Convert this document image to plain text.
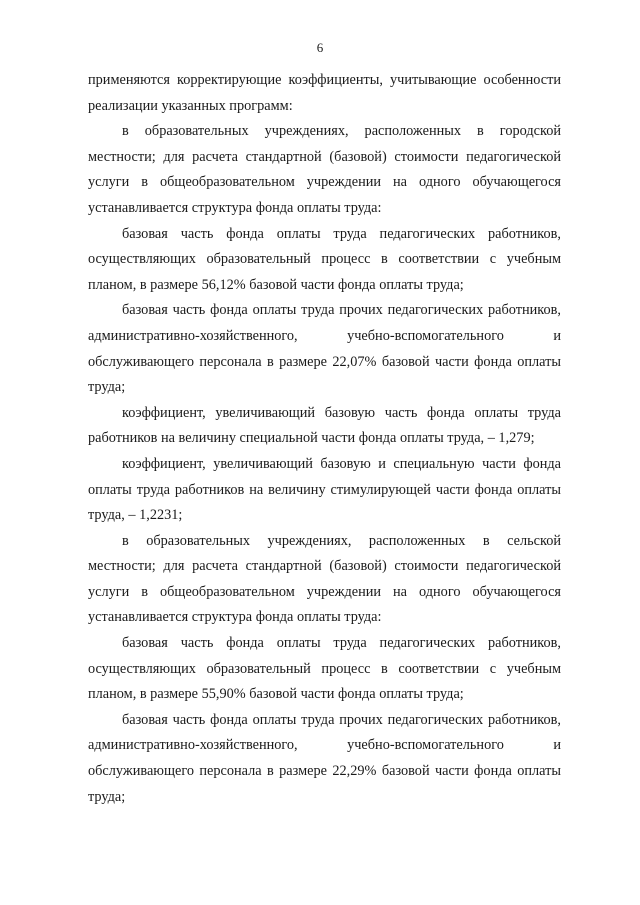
6

применяются корректирующие коэффициенты, учитывающие особенности реализации указанных программ:

в образовательных учреждениях, расположенных в городской местности; для расчета стандартной (базовой) стоимости педагогической услуги в общеобразовательном учреждении на одного обучающегося устанавливается структура фонда оплаты труда:

базовая часть фонда оплаты труда педагогических работников, осуществляющих образовательный процесс в соответствии с учебным планом, в размере 56,12% базовой части фонда оплаты труда;

базовая часть фонда оплаты труда прочих педагогических работников, административно-хозяйственного, учебно-вспомогательного и обслуживающего персонала в размере 22,07% базовой части фонда оплаты труда;

коэффициент, увеличивающий базовую часть фонда оплаты труда работников на величину специальной части фонда оплаты труда, – 1,279;

коэффициент, увеличивающий базовую и специальную части фонда оплаты труда работников на величину стимулирующей части фонда оплаты труда, – 1,2231;

в образовательных учреждениях, расположенных в сельской местности; для расчета стандартной (базовой) стоимости педагогической услуги в общеобразовательном учреждении на одного обучающегося устанавливается структура фонда оплаты труда:

базовая часть фонда оплаты труда педагогических работников, осуществляющих образовательный процесс в соответствии с учебным планом, в размере 55,90% базовой части фонда оплаты труда;

базовая часть фонда оплаты труда прочих педагогических работников, административно-хозяйственного, учебно-вспомогательного и обслуживающего персонала в размере 22,29% базовой части фонда оплаты труда;
